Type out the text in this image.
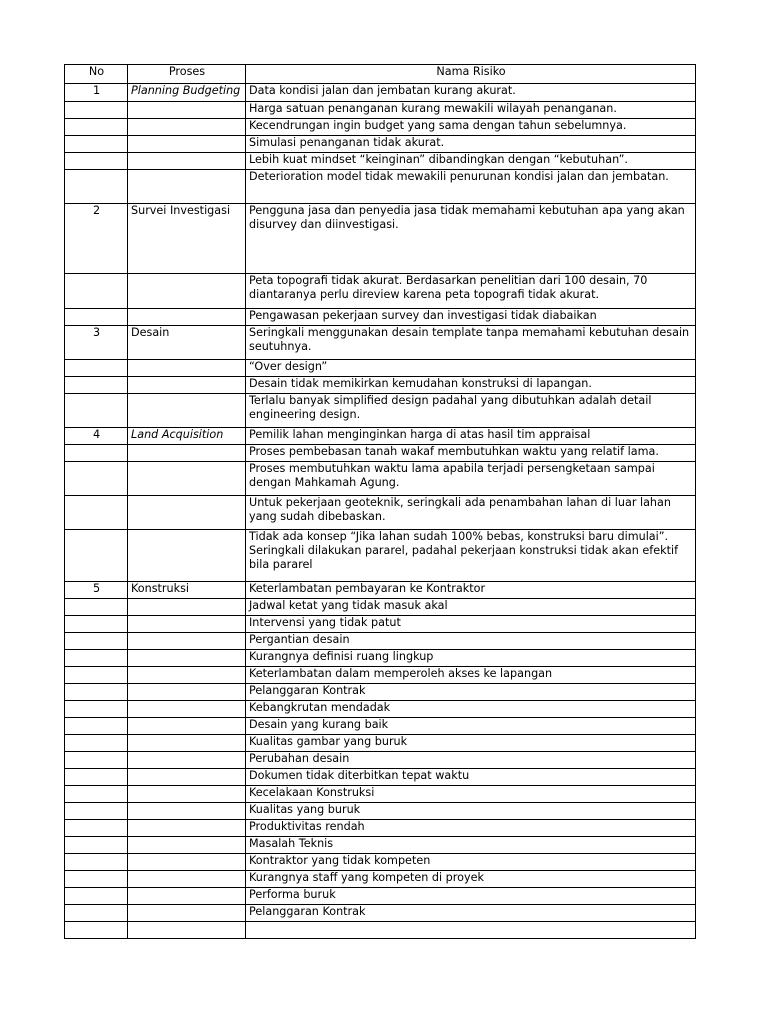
No	Proses	Nama Risiko
1	Planning Budgeting	Data kondisi jalan dan jembatan kurang akurat.
		Harga satuan penanganan kurang mewakili wilayah penanganan.
		Kecendrungan ingin budget yang sama dengan tahun sebelumnya.
		Simulasi penanganan tidak akurat.
		Lebih kuat mindset “keinginan” dibandingkan dengan “kebutuhan”.
		Deterioration model tidak mewakili penurunan kondisi jalan dan jembatan.
2	Survei Investigasi	Pengguna jasa dan penyedia jasa tidak memahami kebutuhan apa yang akan disurvey dan diinvestigasi.
		Peta topografi tidak akurat. Berdasarkan penelitian dari 100 desain, 70 diantaranya perlu direview karena peta topografi tidak akurat.
		Pengawasan pekerjaan survey dan investigasi tidak diabaikan
3	Desain	Seringkali menggunakan desain template tanpa memahami kebutuhan desain seutuhnya.
		“Over design”
		Desain tidak memikirkan kemudahan konstruksi di lapangan.
		Terlalu banyak simplified design padahal yang dibutuhkan adalah detail engineering design.
4	Land Acquisition	Pemilik lahan menginginkan harga di atas hasil tim appraisal
		Proses pembebasan tanah wakaf membutuhkan waktu yang relatif lama.
		Proses membutuhkan waktu lama apabila terjadi persengketaan sampai dengan Mahkamah Agung.
		Untuk pekerjaan geoteknik, seringkali ada penambahan lahan di luar lahan yang sudah dibebaskan.
		Tidak ada konsep “Jika lahan sudah 100% bebas, konstruksi baru dimulai”. Seringkali dilakukan pararel, padahal pekerjaan konstruksi tidak akan efektif bila pararel
5	Konstruksi	Keterlambatan pembayaran ke Kontraktor
		Jadwal ketat yang tidak masuk akal
		Intervensi yang tidak patut
		Pergantian desain
		Kurangnya definisi ruang lingkup
		Keterlambatan dalam memperoleh akses ke lapangan
		Pelanggaran Kontrak
		Kebangkrutan mendadak
		Desain yang kurang baik
		Kualitas gambar yang buruk
		Perubahan desain
		Dokumen tidak diterbitkan tepat waktu
		Kecelakaan Konstruksi
		Kualitas yang buruk
		Produktivitas rendah
		Masalah Teknis
		Kontraktor yang tidak kompeten
		Kurangnya staff yang kompeten di proyek
		Performa buruk
		Pelanggaran Kontrak
